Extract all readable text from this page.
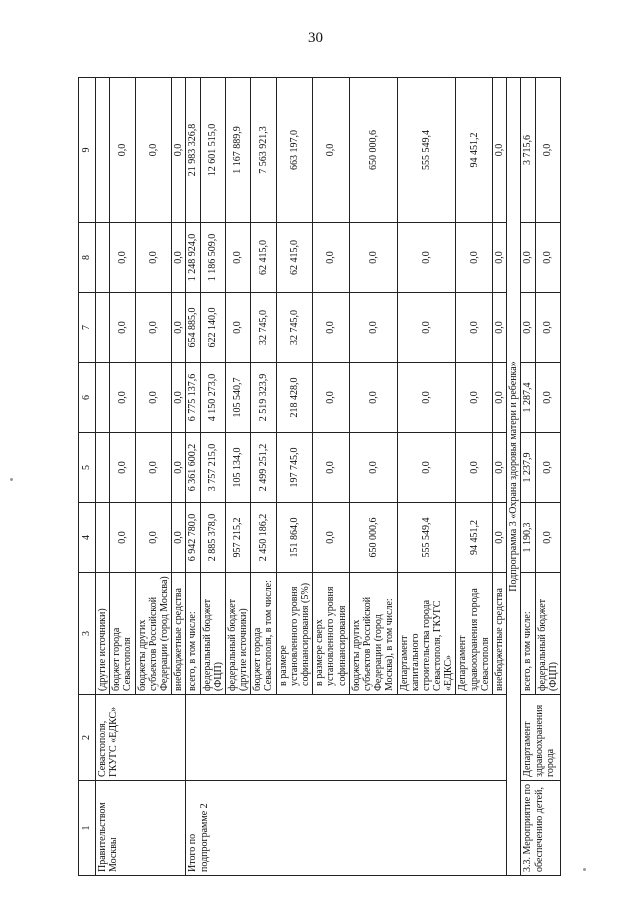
30
1	2	3	4	5	6	7	8	9
Правительством Москвы	Севастополя, ГКУГС «ЕДКС»	(другие источники)						
		бюджет города Севастополя	0,0	0,0	0,0	0,0	0,0	0,0
		бюджеты других субъектов Российской Федерации (город Москва)	0,0	0,0	0,0	0,0	0,0	0,0
		внебюджетные средства	0,0	0,0	0,0	0,0	0,0	0,0
Итого по подпрограмме 2		всего, в том числе:	6 942 780,0	6 361 600,2	6 775 137,6	654 885,0	1 248 924,0	21 983 326,8
		федеральный бюджет (ФЦП)	2 885 378,0	3 757 215,0	4 150 273,0	622 140,0	1 186 509,0	12 601 515,0
		федеральный бюджет (другие источники)	957 215,2	105 134,0	105 540,7	0,0	0,0	1 167 889,9
		бюджет города Севастополя, в том числе:	2 450 186,2	2 499 251,2	2 519 323,9	32 745,0	62 415,0	7 563 921,3
		в размере установленного уровня софинансирования (5%)	151 864,0	197 745,0	218 428,0	32 745,0	62 415,0	663 197,0
		в размере сверх установленного уровня софинансирования	0,0	0,0	0,0	0,0	0,0	0,0
		бюджеты других субъектов Российской Федерации (город Москва), в том числе:	650 000,6	0,0	0,0	0,0	0,0	650 000,6
		Департамент капитального строительства города Севастополя, ГКУГС «ЕДКС»	555 549,4	0,0	0,0	0,0	0,0	555 549,4
		Департамент здравоохранения города Севастополя	94 451,2	0,0	0,0	0,0	0,0	94 451,2
		внебюджетные средства	0,0	0,0	0,0	0,0	0,0	0,0
Подпрограмма 3 «Охрана здоровья матери и ребенка»								
3.3. Мероприятие по обеспечению детей,	Департамент здравоохранения города	всего, в том числе:	1 190,3	1 237,9	1 287,4	0,0	0,0	3 715,6
		федеральный бюджет (ФЦП)	0,0	0,0	0,0	0,0	0,0	0,0
